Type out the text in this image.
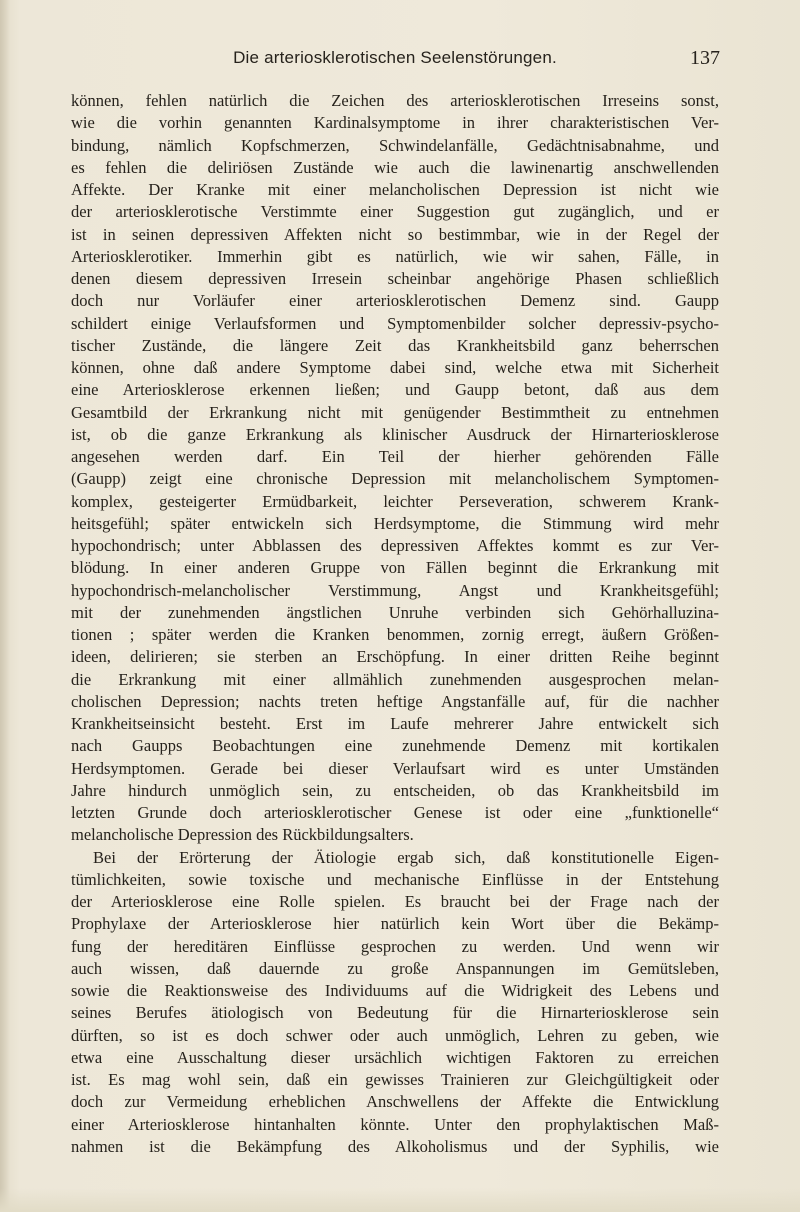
Die arteriosklerotischen Seelenstörungen.	137
können, fehlen natürlich die Zeichen des arteriosklerotischen Irreseins sonst,
wie die vorhin genannten Kardinalsymptome in ihrer charakteristischen Ver-
bindung, nämlich Kopfschmerzen, Schwindelanfälle, Gedächtnisabnahme, und
es fehlen die deliriösen Zustände wie auch die lawinenartig anschwellenden
Affekte. Der Kranke mit einer melancholischen Depression ist nicht wie
der arteriosklerotische Verstimmte einer Suggestion gut zugänglich, und er
ist in seinen depressiven Affekten nicht so bestimmbar, wie in der Regel der
Arteriosklerotiker. Immerhin gibt es natürlich, wie wir sahen, Fälle, in
denen diesem depressiven Irresein scheinbar angehörige Phasen schließlich
doch nur Vorläufer einer arteriosklerotischen Demenz sind. Gaupp
schildert einige Verlaufsformen und Symptomenbilder solcher depressiv-psycho-
tischer Zustände, die längere Zeit das Krankheitsbild ganz beherrschen
können, ohne daß andere Symptome dabei sind, welche etwa mit Sicherheit
eine Arteriosklerose erkennen ließen; und Gaupp betont, daß aus dem
Gesamtbild der Erkrankung nicht mit genügender Bestimmtheit zu entnehmen
ist, ob die ganze Erkrankung als klinischer Ausdruck der Hirnarteriosklerose
angesehen werden darf. Ein Teil der hierher gehörenden Fälle
(Gaupp) zeigt eine chronische Depression mit melancholischem Symptomen-
komplex, gesteigerter Ermüdbarkeit, leichter Perseveration, schwerem Krank-
heitsgefühl; später entwickeln sich Herdsymptome, die Stimmung wird mehr
hypochondrisch; unter Abblassen des depressiven Affektes kommt es zur Ver-
blödung. In einer anderen Gruppe von Fällen beginnt die Erkrankung mit
hypochondrisch-melancholischer Verstimmung, Angst und Krankheitsgefühl;
mit der zunehmenden ängstlichen Unruhe verbinden sich Gehörhalluzina-
tionen ; später werden die Kranken benommen, zornig erregt, äußern Größen-
ideen, delirieren; sie sterben an Erschöpfung. In einer dritten Reihe beginnt
die Erkrankung mit einer allmählich zunehmenden ausgesprochen melan-
cholischen Depression; nachts treten heftige Angstanfälle auf, für die nachher
Krankheitseinsicht besteht. Erst im Laufe mehrerer Jahre entwickelt sich
nach Gaupps Beobachtungen eine zunehmende Demenz mit kortikalen
Herdsymptomen. Gerade bei dieser Verlaufsart wird es unter Umständen
Jahre hindurch unmöglich sein, zu entscheiden, ob das Krankheitsbild im
letzten Grunde doch arteriosklerotischer Genese ist oder eine „funktionelle“
melancholische Depression des Rückbildungsalters.
Bei der Erörterung der Ätiologie ergab sich, daß konstitutionelle Eigen-
tümlichkeiten, sowie toxische und mechanische Einflüsse in der Entstehung
der Arteriosklerose eine Rolle spielen. Es braucht bei der Frage nach der
Prophylaxe der Arteriosklerose hier natürlich kein Wort über die Bekämp-
fung der hereditären Einflüsse gesprochen zu werden. Und wenn wir
auch wissen, daß dauernde zu große Anspannungen im Gemütsleben,
sowie die Reaktionsweise des Individuums auf die Widrigkeit des Lebens und
seines Berufes ätiologisch von Bedeutung für die Hirnarteriosklerose sein
dürften, so ist es doch schwer oder auch unmöglich, Lehren zu geben, wie
etwa eine Ausschaltung dieser ursächlich wichtigen Faktoren zu erreichen
ist. Es mag wohl sein, daß ein gewisses Trainieren zur Gleichgültigkeit oder
doch zur Vermeidung erheblichen Anschwellens der Affekte die Entwicklung
einer Arteriosklerose hintanhalten könnte. Unter den prophylaktischen Maß-
nahmen ist die Bekämpfung des Alkoholismus und der Syphilis, wie
